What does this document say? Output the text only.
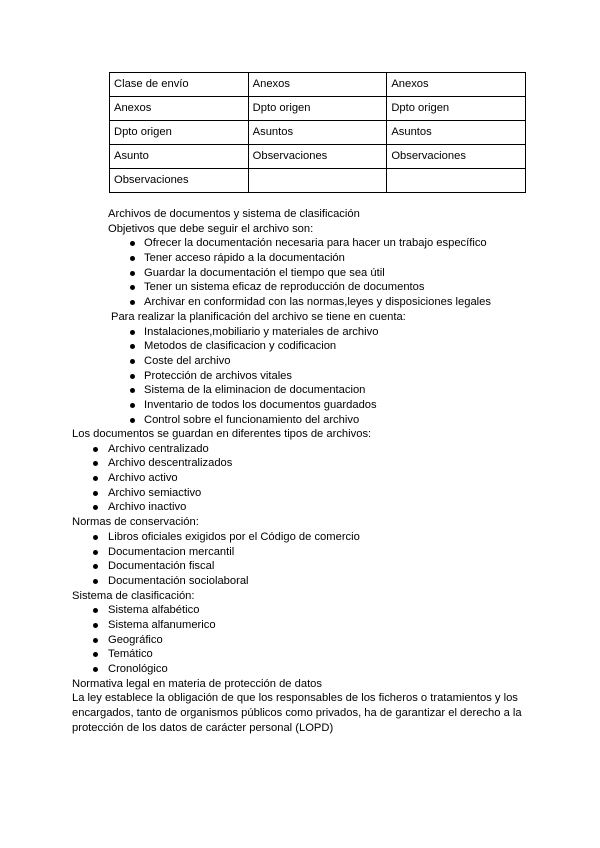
Clase de envío	Anexos	Anexos
Anexos	Dpto origen	Dpto origen
Dpto origen	Asuntos	Asuntos
Asunto	Observaciones	Observaciones
Observaciones		
Archivos de documentos y sistema de clasificación
Objetivos que debe seguir el archivo son:
Ofrecer la documentación necesaria para hacer un trabajo específico
Tener acceso rápido a la documentación
Guardar la documentación el tiempo que sea útil
Tener un sistema eficaz de reproducción de documentos
Archivar en conformidad con las normas,leyes y disposiciones legales
Para realizar la planificación del archivo se tiene en cuenta:
Instalaciones,mobiliario y materiales de archivo
Metodos de clasificacion y codificacion
Coste del archivo
Protección de archivos vitales
Sistema de la eliminacion de documentacion
Inventario de todos los documentos guardados
Control sobre el funcionamiento del archivo
Los documentos se guardan en diferentes tipos de archivos:
Archivo centralizado
Archivo descentralizados
Archivo activo
Archivo semiactivo
Archivo inactivo
Normas de conservación:
Libros oficiales exigidos por el Código de comercio
Documentacion mercantil
Documentación fiscal
Documentación sociolaboral
Sistema de clasificación:
Sistema alfabético
Sistema alfanumerico
Geográfico
Temático
Cronológico
Normativa legal en materia de protección de datos
La ley establece la obligación de que los responsables de los ficheros o tratamientos y los encargados, tanto de organismos públicos como privados, ha de garantizar el derecho a la protección de los datos de carácter personal (LOPD)
